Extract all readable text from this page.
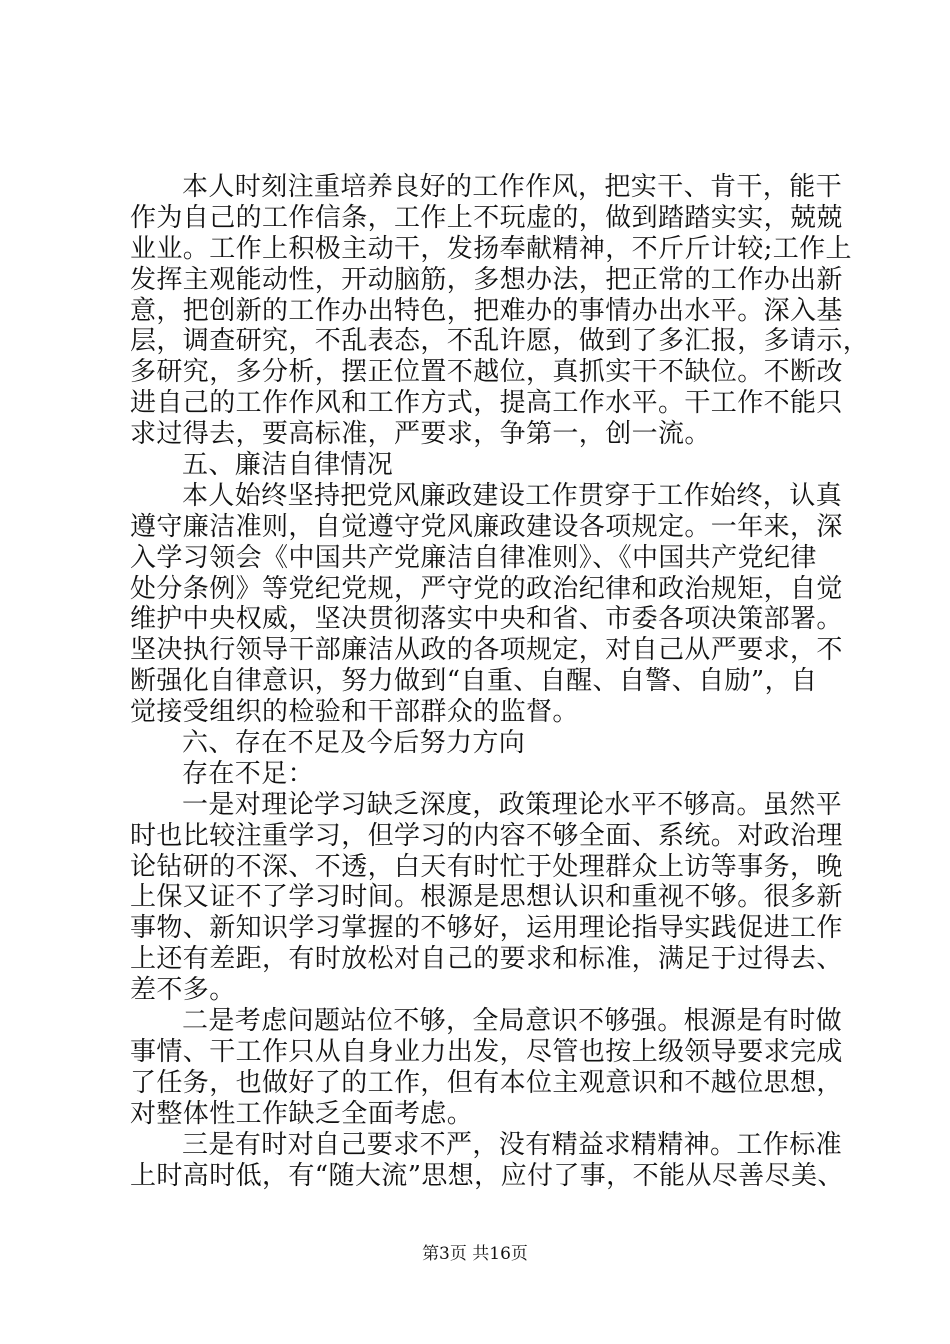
本人时刻注重培养良好的工作作风，把实干、肯干，能干
作为自己的工作信条，工作上不玩虚的，做到踏踏实实，兢兢
业业。工作上积极主动干，发扬奉献精神，不斤斤计较;工作上
发挥主观能动性，开动脑筋，多想办法，把正常的工作办出新
意，把创新的工作办出特色，把难办的事情办出水平。深入基
层，调查研究，不乱表态，不乱许愿，做到了多汇报，多请示，
多研究，多分析，摆正位置不越位，真抓实干不缺位。不断改
进自己的工作作风和工作方式，提高工作水平。干工作不能只
求过得去，要高标准，严要求，争第一，创一流。
五、廉洁自律情况
本人始终坚持把党风廉政建设工作贯穿于工作始终，认真
遵守廉洁准则，自觉遵守党风廉政建设各项规定。一年来，深
入学习领会《中国共产党廉洁自律准则》、《中国共产党纪律
处分条例》等党纪党规，严守党的政治纪律和政治规矩，自觉
维护中央权威，坚决贯彻落实中央和省、市委各项决策部署。
坚决执行领导干部廉洁从政的各项规定，对自己从严要求，不
断强化自律意识，努力做到“自重、自醒、自警、自励”，自
觉接受组织的检验和干部群众的监督。
六、存在不足及今后努力方向
存在不足：
一是对理论学习缺乏深度，政策理论水平不够高。虽然平
时也比较注重学习，但学习的内容不够全面、系统。对政治理
论钻研的不深、不透，白天有时忙于处理群众上访等事务，晚
上保又证不了学习时间。根源是思想认识和重视不够。很多新
事物、新知识学习掌握的不够好，运用理论指导实践促进工作
上还有差距，有时放松对自己的要求和标准，满足于过得去、
差不多。
二是考虑问题站位不够，全局意识不够强。根源是有时做
事情、干工作只从自身业力出发，尽管也按上级领导要求完成
了任务，也做好了的工作，但有本位主观意识和不越位思想，
对整体性工作缺乏全面考虑。
三是有时对自己要求不严，没有精益求精精神。工作标准
上时高时低，有“随大流”思想，应付了事，不能从尽善尽美、
第3页 共16页
